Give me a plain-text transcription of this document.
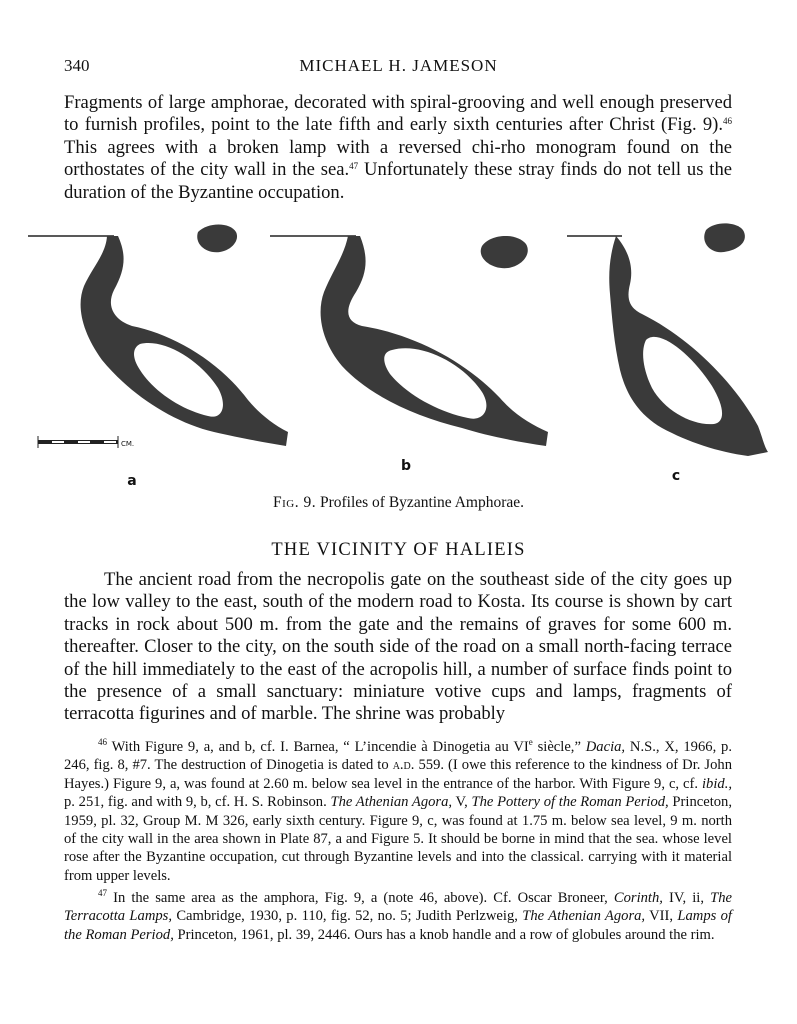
340	MICHAEL H. JAMESON

Fragments of large amphorae, decorated with spiral-grooving and well enough preserved to furnish profiles, point to the late fifth and early sixth centuries after Christ (Fig. 9).$^{46}$ This agrees with a broken lamp with a reversed chi-rho monogram found on the orthostates of the city wall in the sea.$^{47}$ Unfortunately these stray finds do not tell us the duration of the Byzantine occupation.

CM.
a
b
c
Fig. 9. Profiles of Byzantine Amphorae.
THE VICINITY OF HALIEIS

The ancient road from the necropolis gate on the southeast side of the city goes up the low valley to the east, south of the modern road to Kosta. Its course is shown by cart tracks in rock about 500 m. from the gate and the remains of graves for some 600 m. thereafter. Closer to the city, on the south side of the road on a small north-facing terrace of the hill immediately to the east of the acropolis hill, a number of surface finds point to the presence of a small sanctuary: miniature votive cups and lamps, fragments of terracotta figurines and of marble. The shrine was probably

$^{46}$ With Figure 9, a, and b, cf. I. Barnea, “ L’incendie à Dinogetia au VIe siècle,” Dacia, N.S., X, 1966, p. 246, fig. 8, #7. The destruction of Dinogetia is dated to a.d. 559. (I owe this reference to the kindness of Dr. John Hayes.) Figure 9, a, was found at 2.60 m. below sea level in the entrance of the harbor. With Figure 9, c, cf. ibid., p. 251, fig. and with 9, b, cf. H. S. Robinson. The Athenian Agora, V, The Pottery of the Roman Period, Princeton, 1959, pl. 32, Group M. M 326, early sixth century. Figure 9, c, was found at 1.75 m. below sea level, 9 m. north of the city wall in the area shown in Plate 87, a and Figure 5. It should be borne in mind that the sea. whose level rose after the Byzantine occupation, cut through Byzantine levels and into the classical. carrying with it material from upper levels.

$^{47}$ In the same area as the amphora, Fig. 9, a (note 46, above). Cf. Oscar Broneer, Corinth, IV, ii, The Terracotta Lamps, Cambridge, 1930, p. 110, fig. 52, no. 5; Judith Perlzweig, The Athenian Agora, VII, Lamps of the Roman Period, Princeton, 1961, pl. 39, 2446. Ours has a knob handle and a row of globules around the rim.
